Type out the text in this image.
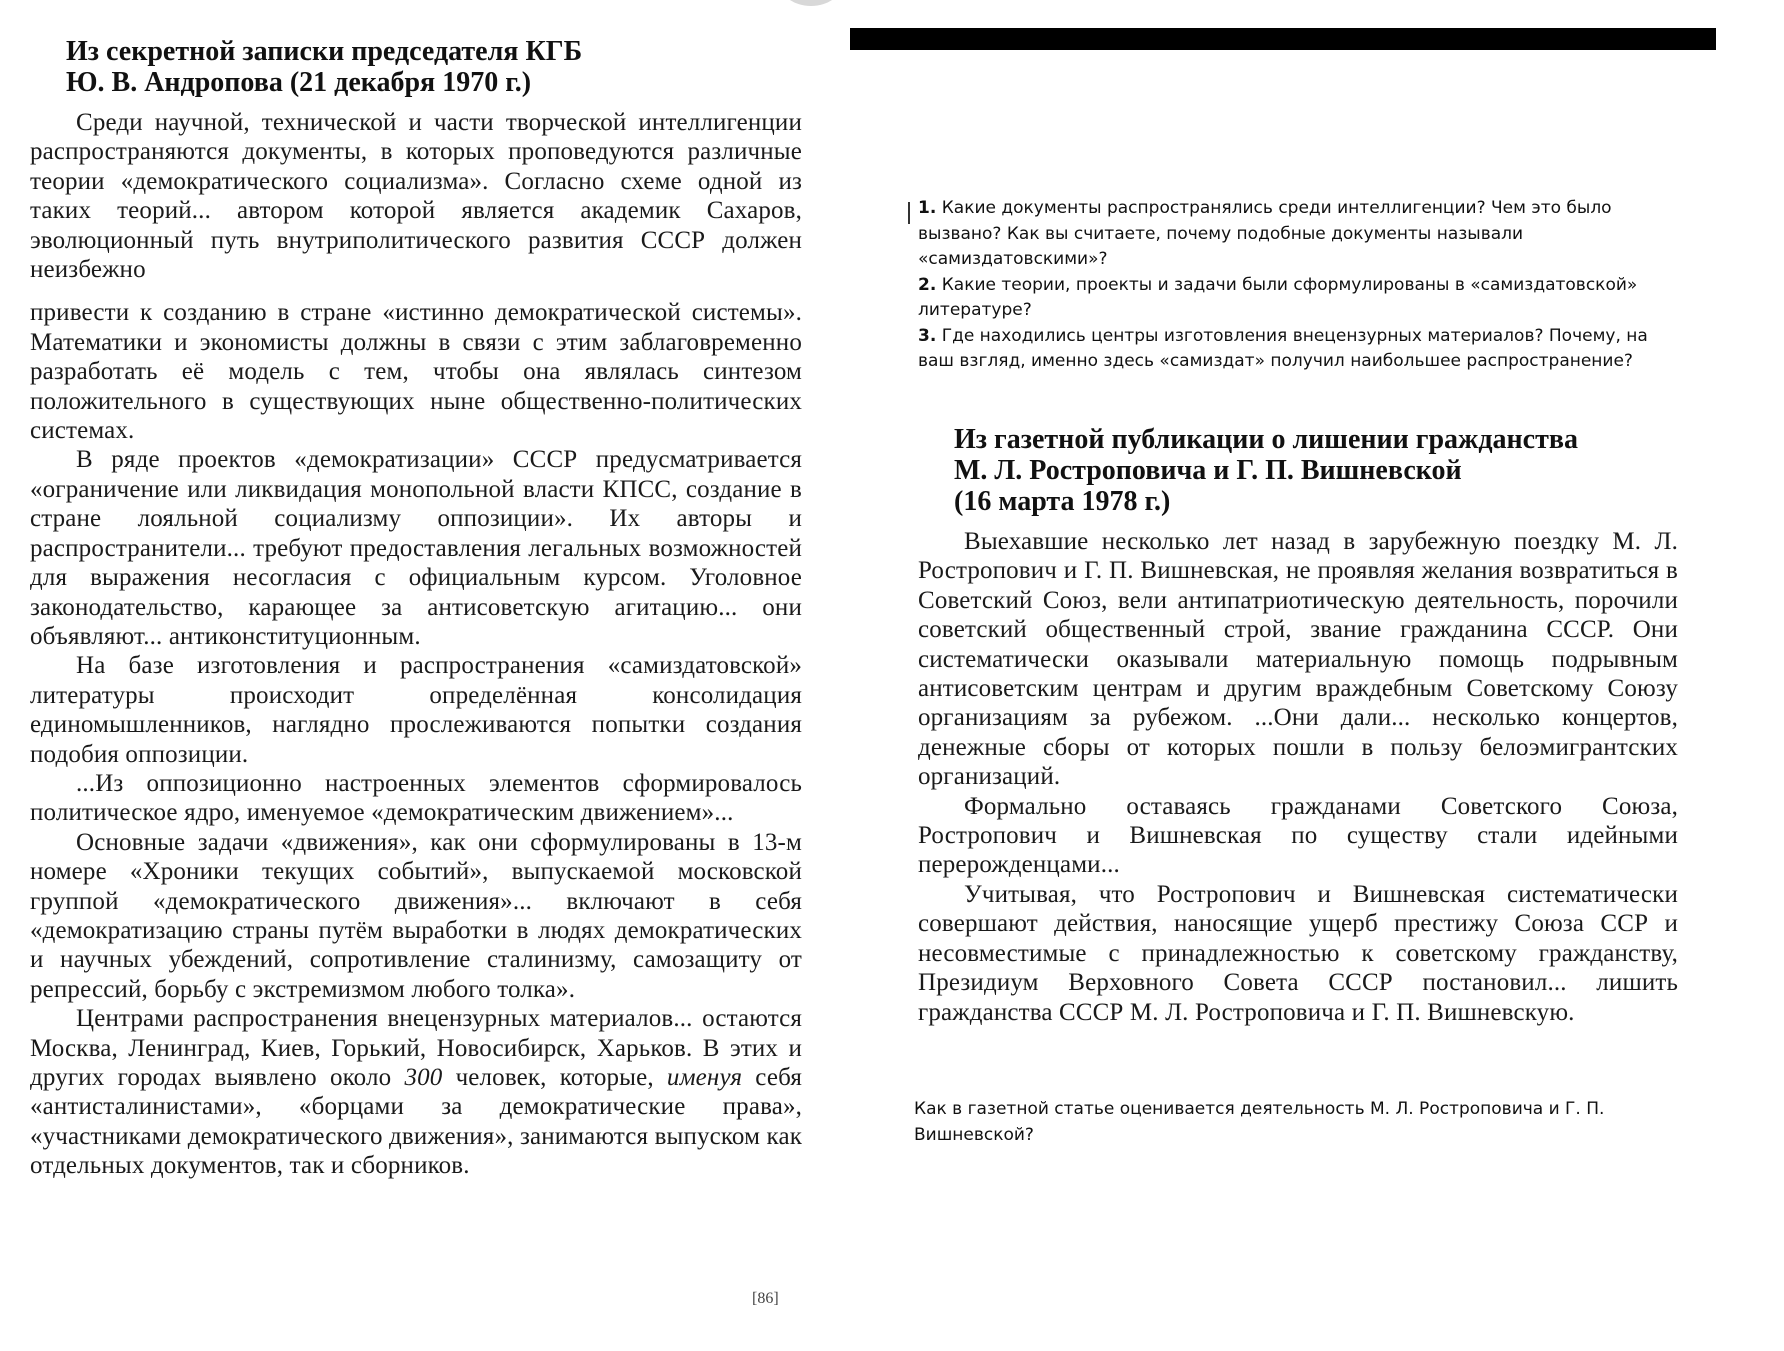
Из секретной записки председателя КГБ
Ю. В. Андропова (21 декабря 1970 г.)

Среди научной, технической и части творческой интеллигенции распространяются документы, в которых проповедуются различные теории «демократического социализма». Согласно схеме одной из таких теорий... автором которой является академик Сахаров, эволюционный путь внутриполитического развития СССР должен неизбежно

привести к созданию в стране «истинно демократической системы». Математики и экономисты должны в связи с этим заблаговременно разработать её модель с тем, чтобы она являлась синтезом положительного в существующих ныне общественно-политических системах.

В ряде проектов «демократизации» СССР предусматривается «ограничение или ликвидация монопольной власти КПСС, создание в стране лояльной социализму оппозиции». Их авторы и распространители... требуют предоставления легальных возможностей для выражения несогласия с официальным курсом. Уголовное законодательство, карающее за антисоветскую агитацию... они объявляют... антиконституционным.

На базе изготовления и распространения «самиздатовской» литературы происходит определённая консолидация единомышленников, наглядно прослеживаются попытки создания подобия оппозиции.

...Из оппозиционно настроенных элементов сформировалось политическое ядро, именуемое «демократическим движением»...

Основные задачи «движения», как они сформулированы в 13-м номере «Хроники текущих событий», выпускаемой московской группой «демократического движения»... включают в себя «демократизацию страны путём выработки в людях демократических и научных убеждений, сопротивление сталинизму, самозащиту от репрессий, борьбу с экстремизмом любого толка».

Центрами распространения внецензурных материалов... остаются Москва, Ленинград, Киев, Горький, Новосибирск, Харьков. В этих и других городах выявлено около 300 человек, которые, именуя себя «антисталинистами», «борцами за демократические права», «участниками демократического движения», занимаются выпуском как отдельных документов, так и сборников.

[86]

1. Какие документы распространялись среди интеллигенции? Чем это было вызвано? Как вы считаете, почему подобные документы называли «самиздатовскими»?

2. Какие теории, проекты и задачи были сформулированы в «самиздатовской» литературе?

3. Где находились центры изготовления внецензурных материалов? Почему, на ваш взгляд, именно здесь «самиздат» получил наибольшее распространение?

Из газетной публикации о лишении гражданства
М. Л. Ростроповича и Г. П. Вишневской
(16 марта 1978 г.)

Выехавшие несколько лет назад в зарубежную поездку М. Л. Ростропович и Г. П. Вишневская, не проявляя желания возвратиться в Советский Союз, вели антипатриотическую деятельность, порочили советский общественный строй, звание гражданина СССР. Они систематически оказывали материальную помощь подрывным антисоветским центрам и другим враждебным Советскому Союзу организациям за рубежом. ...Они дали... несколько концертов, денежные сборы от которых пошли в пользу белоэмигрантских организаций.

Формально оставаясь гражданами Советского Союза, Ростропович и Вишневская по существу стали идейными перерожденцами...

Учитывая, что Ростропович и Вишневская систематически совершают действия, наносящие ущерб престижу Союза ССР и несовместимые с принадлежностью к советскому гражданству, Президиум Верховного Совета СССР постановил... лишить гражданства СССР М. Л. Ростроповича и Г. П. Вишневскую.

Как в газетной статье оценивается деятельность М. Л. Ростроповича и Г. П. Вишневской?
